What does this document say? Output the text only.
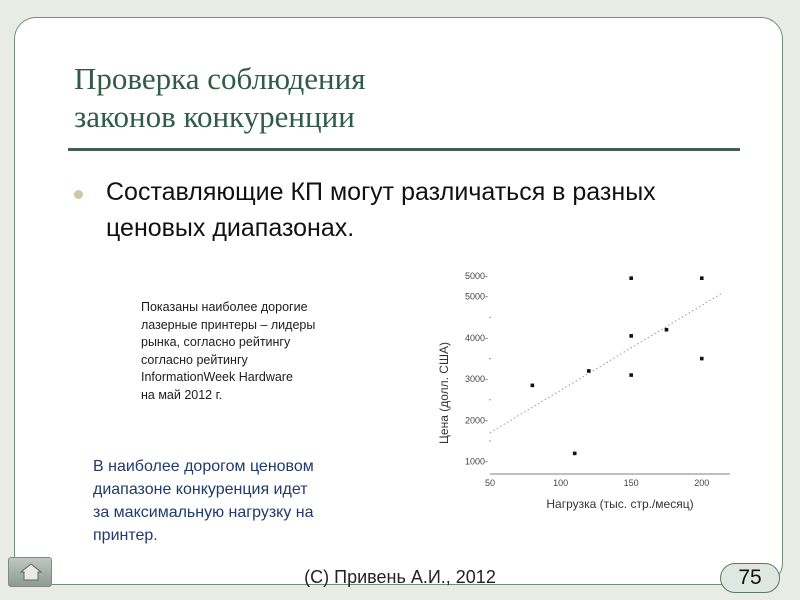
Проверка соблюдения
законов конкуренции
Составляющие КП могут различаться в разных ценовых диапазонах.
Показаны наиболее дорогие
лазерные принтеры – лидеры
рынка, согласно рейтингу
согласно рейтингу
InformationWeek Hardware
на май 2012 г.
В наиболее дорогом ценовом
диапазоне конкуренция идет
за максимальную нагрузку на
принтер.
1000-
2000-
3000-
4000-
5000-
5000-
50	100	150	200
Нагрузка (тыс. стр./месяц)
Цена (долл. США)
(С) Привень А.И., 2012	75
